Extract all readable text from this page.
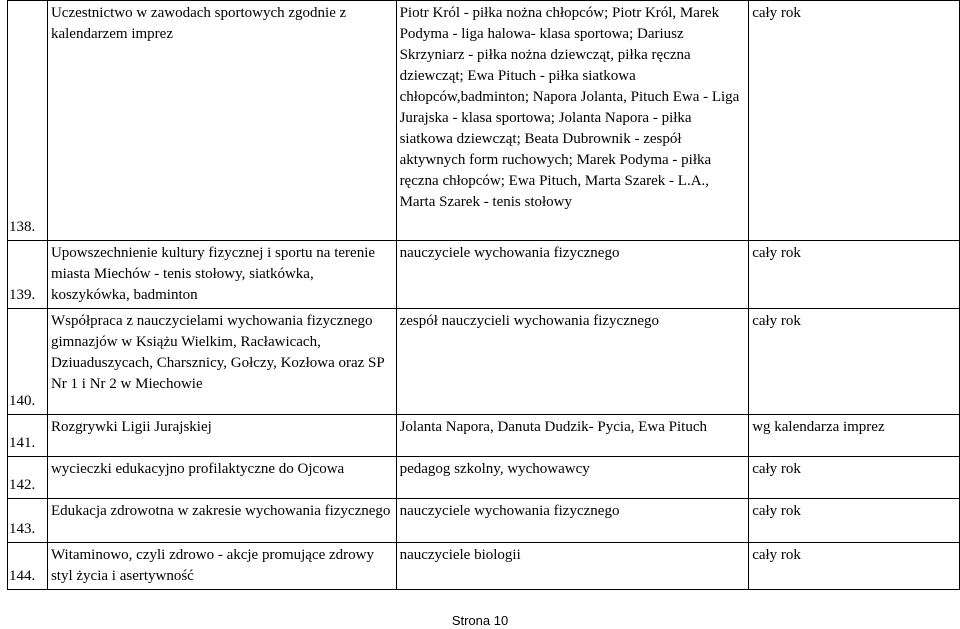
138.	Uczestnictwo w zawodach sportowych zgodnie z kalendarzem imprez	Piotr Król - piłka nożna chłopców; Piotr Król, Marek Podyma - liga halowa- klasa sportowa; Dariusz Skrzyniarz - piłka nożna dziewcząt, piłka ręczna dziewcząt; Ewa Pituch - piłka siatkowa chłopców,badminton; Napora Jolanta, Pituch Ewa - Liga Jurajska - klasa sportowa; Jolanta Napora - piłka siatkowa dziewcząt; Beata Dubrownik - zespół aktywnych form ruchowych; Marek Podyma - piłka ręczna chłopców; Ewa Pituch, Marta Szarek - L.A., Marta Szarek - tenis stołowy	cały rok
139.	Upowszechnienie kultury fizycznej i sportu na terenie miasta Miechów - tenis stołowy, siatkówka, koszykówka, badminton	nauczyciele wychowania fizycznego	cały rok
140.	Współpraca z nauczycielami wychowania fizycznego gimnazjów w Książu Wielkim, Racławicach, Dziuaduszycach, Charsznicy, Gołczy, Kozłowa oraz SP Nr 1 i Nr 2 w Miechowie	zespół nauczycieli wychowania fizycznego	cały rok
141.	Rozgrywki Ligii Jurajskiej	Jolanta Napora, Danuta Dudzik- Pycia, Ewa Pituch	wg kalendarza imprez
142.	wycieczki edukacyjno profilaktyczne do Ojcowa	pedagog szkolny, wychowawcy	cały rok
143.	Edukacja zdrowotna w zakresie wychowania fizycznego	nauczyciele wychowania fizycznego	cały rok
144.	Witaminowo, czyli zdrowo - akcje promujące zdrowy styl życia i asertywność	nauczyciele biologii	cały rok
Strona 10
